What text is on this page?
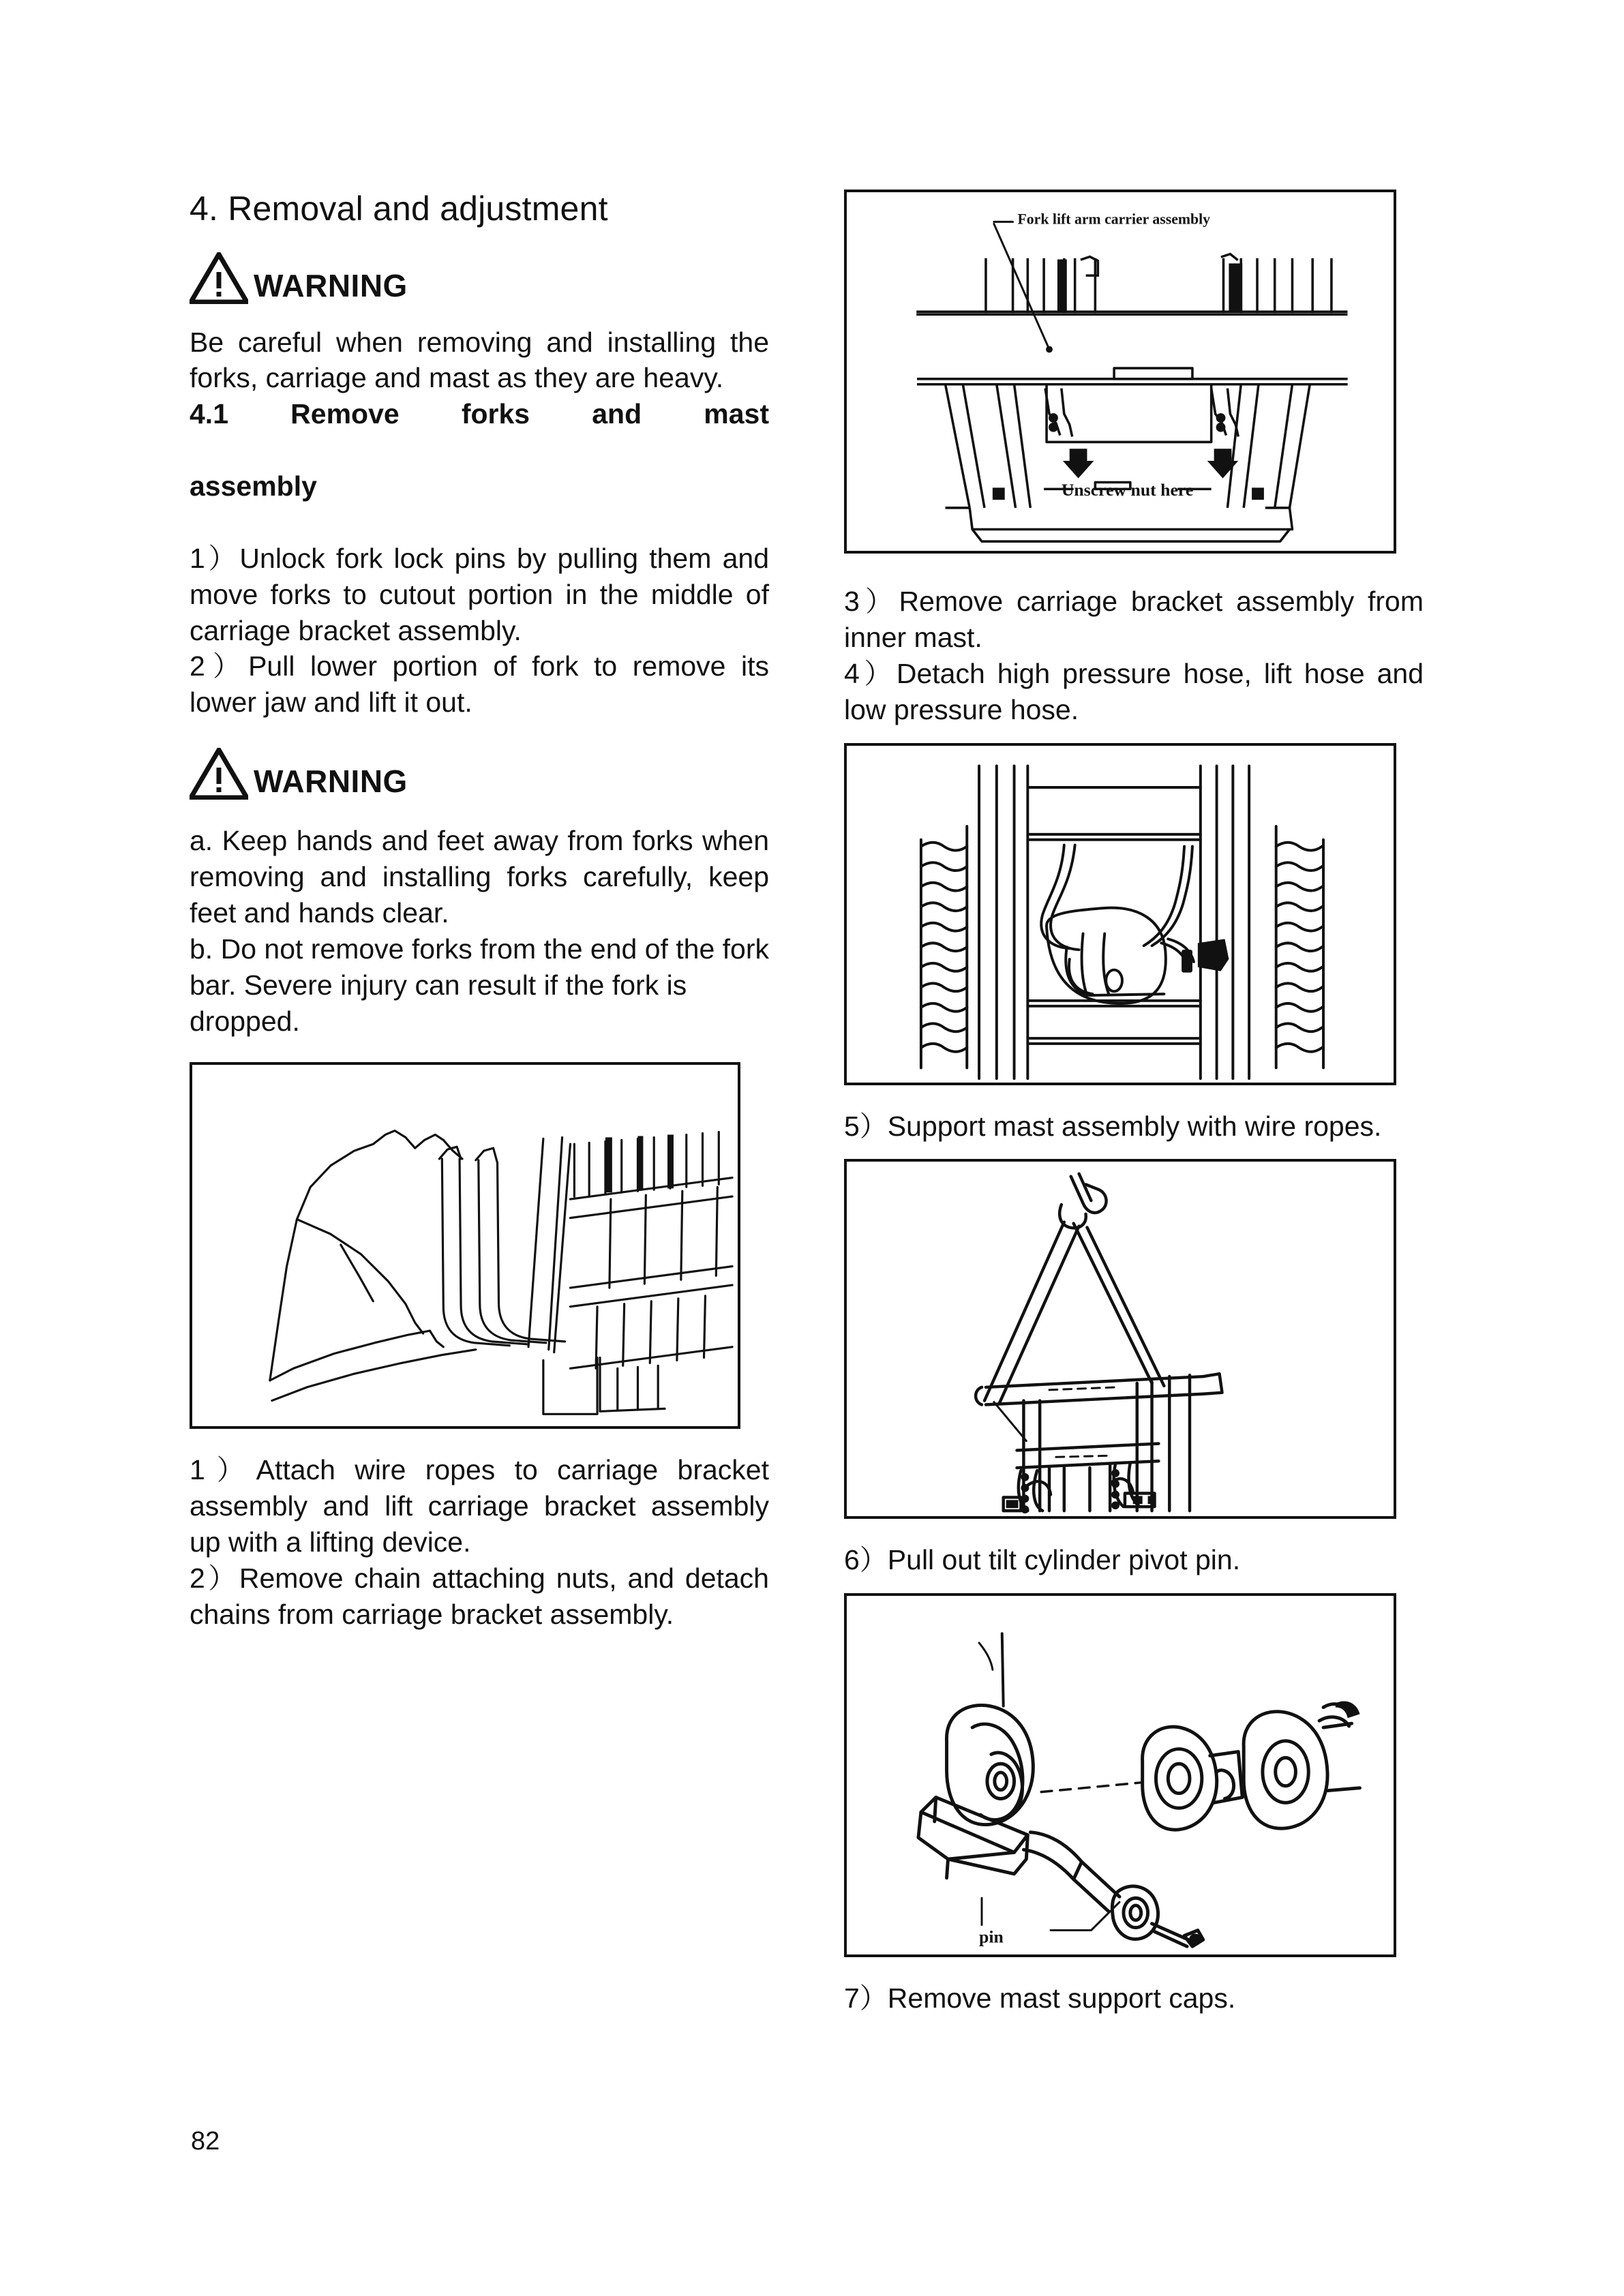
4. Removal and adjustment
WARNING

Be careful when removing and installing the forks, carriage and mast as they are heavy.

4.1 Remove forks and mast
assembly

1）Unlock fork lock pins by pulling them and move forks to cutout portion in the middle of carriage bracket assembly.

2）Pull lower portion of fork to remove its lower jaw and lift it out.

WARNING

a. Keep hands and feet away from forks when removing and installing forks carefully, keep feet and hands clear.

b. Do not remove forks from the end of the fork bar. Severe injury can result if the fork is dropped.

1）Attach wire ropes to carriage bracket assembly and lift carriage bracket assembly up with a lifting device.

2）Remove chain attaching nuts, and detach chains from carriage bracket assembly.

Fork lift arm carrier assembly
Unscrew nut here

3）Remove carriage bracket assembly from inner mast.

4）Detach high pressure hose, lift hose and low pressure hose.

5）Support mast assembly with wire ropes.

6）Pull out tilt cylinder pivot pin.

pin

7）Remove mast support caps.

82
